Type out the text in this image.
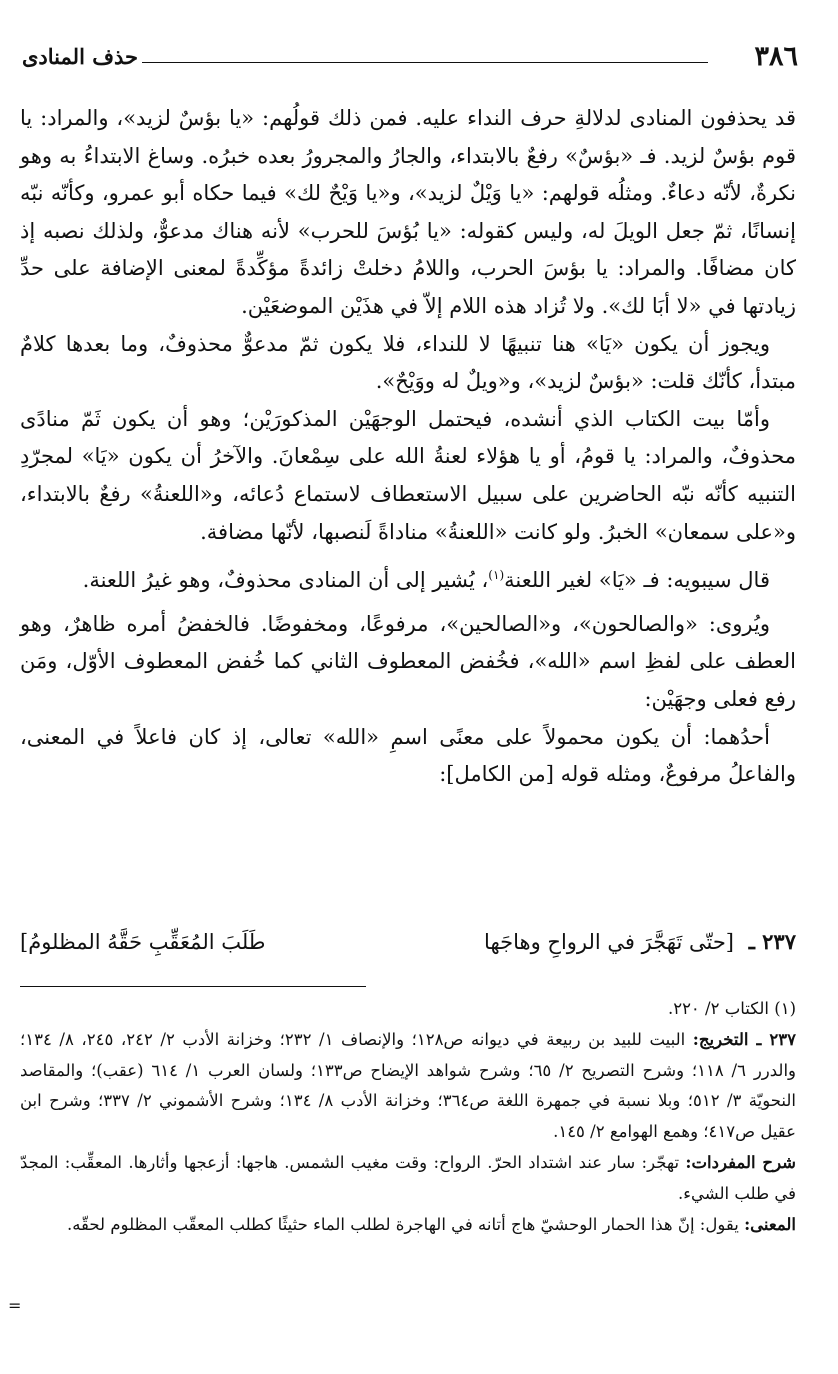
٣٨٦
حذف المنادى

قد يحذفون المنادى لدلالةِ حرف النداء عليه. فمن ذلك قولُهم: «يا بؤسٌ لزيد»، والمراد: يا قوم بؤسٌ لزيد. فـ «بؤسٌ» رفعٌ بالابتداء، والجارُ والمجرورُ بعده خبرُه. وساغ الابتداءُ به وهو نكرةٌ، لأنّه دعاءٌ. ومثلُه قولهم: «يا وَيْلٌ لزيد»، و«يا وَيْحٌ لك» فيما حكاه أبو عمرو، وكأنّه نبّه إنسانًا، ثمّ جعل الويلَ له، وليس كقوله: «يا بُؤسَ للحرب» لأنه هناك مدعوٌّ، ولذلك نصبه إذ كان مضافًا. والمراد: يا بؤسَ الحرب، واللامُ دخلتْ زائدةً مؤكِّدةً لمعنى الإضافة على حدِّ زيادتها في «لا أبَا لك». ولا تُزاد هذه اللام إلاّ في هذَيْن الموضعَيْن.

ويجوز أن يكون «يَا» هنا تنبيهًا لا للنداء، فلا يكون ثمّ مدعوٌّ محذوفٌ، وما بعدها كلامٌ مبتدأ، كأنّك قلت: «بؤسٌ لزيد»، و«ويلٌ له ووَيْحٌ».

وأمّا بيت الكتاب الذي أنشده، فيحتمل الوجهَيْن المذكورَيْن؛ وهو أن يكون ثَمّ منادًى محذوفٌ، والمراد: يا قومُ، أو يا هؤلاء لعنةُ الله على سِمْعانَ. والآخرُ أن يكون «يَا» لمجرّدِ التنبيه كأنّه نبّه الحاضرين على سبيل الاستعطاف لاستماع دُعائه، و«اللعنةُ» رفعٌ بالابتداء، و«على سمعان» الخبرُ. ولو كانت «اللعنةُ» مناداةً لَنصبها، لأنّها مضافة.

قال سيبويه: فـ «يَا» لغير اللعنة$^{(١)}$، يُشير إلى أن المنادى محذوفٌ، وهو غيرُ اللعنة.

ويُروى: «والصالحون»، و«الصالحين»، مرفوعًا، ومخفوضًا. فالخفضُ أمره ظاهرٌ، وهو العطف على لفظِ اسم «الله»، فخُفض المعطوف الثاني كما خُفض المعطوف الأوّل، ومَن رفع فعلى وجهَيْن:

أحدُهما: أن يكون محمولاً على معنًى اسمِ «الله» تعالى، إذ كان فاعلاً في المعنى، والفاعلُ مرفوعٌ، ومثله قوله [من الكامل]:

٢٣٧ ـ
[حتّى تَهَجَّرَ في الرواحِ وهاجَها
طَلَبَ المُعَقِّبِ حَقَّهُ المظلومُ]

(١) الكتاب ٢/ ٢٢٠.

٢٣٧ ـ التخريج: البيت للبيد بن ربيعة في ديوانه ص١٢٨؛ والإنصاف ١/ ٢٣٢؛ وخزانة الأدب ٢/ ٢٤٢، ٢٤٥، ٨/ ١٣٤؛ والدرر ٦/ ١١٨؛ وشرح التصريح ٢/ ٦٥؛ وشرح شواهد الإيضاح ص١٣٣؛ ولسان العرب ١/ ٦١٤ (عقب)؛ والمقاصد النحويّة ٣/ ٥١٢؛ وبلا نسبة في جمهرة اللغة ص٣٦٤؛ وخزانة الأدب ٨/ ١٣٤؛ وشرح الأشموني ٢/ ٣٣٧؛ وشرح ابن عقيل ص٤١٧؛ وهمع الهوامع ٢/ ١٤٥.

شرح المفردات: تهجّر: سار عند اشتداد الحرّ. الرواح: وقت مغيب الشمس. هاجها: أزعجها وأثارها. المعقِّب: المجدّ في طلب الشيء.

المعنى: يقول: إنّ هذا الحمار الوحشيّ هاج أتانه في الهاجرة لطلب الماء حثيثًا كطلب المعقّب المظلوم لحقّه.

=
